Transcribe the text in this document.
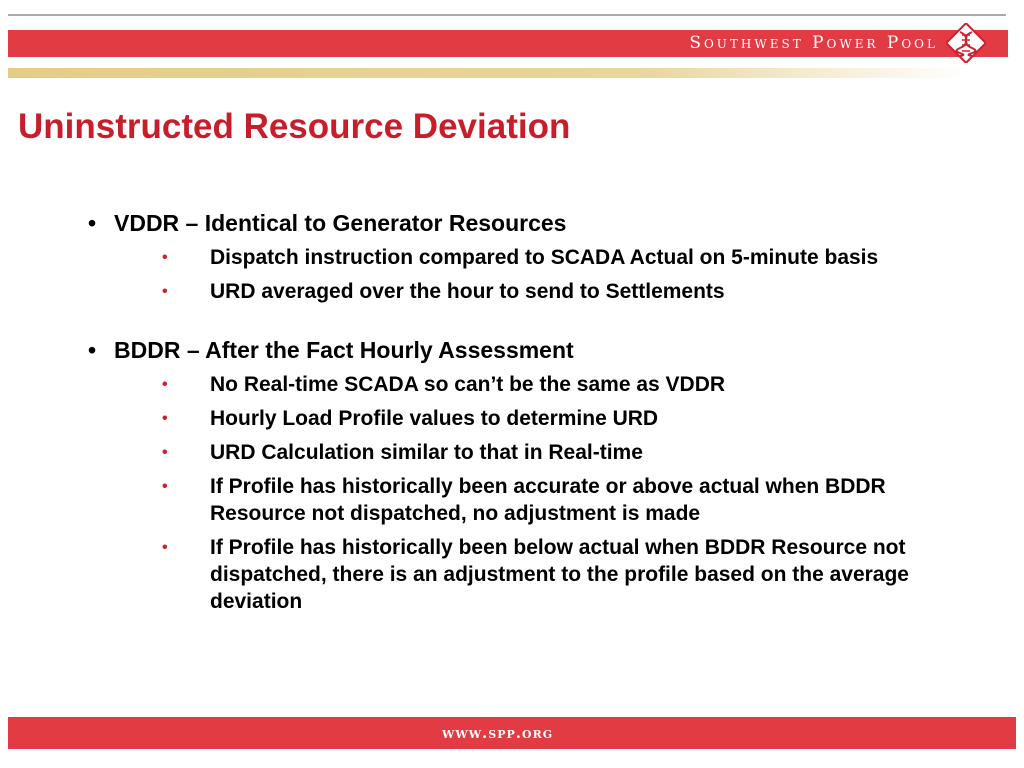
Southwest Power Pool
Uninstructed Resource Deviation
• VDDR – Identical to Generator Resources
• Dispatch instruction compared to SCADA Actual on 5-minute basis
• URD averaged over the hour to send to Settlements
• BDDR – After the Fact Hourly Assessment
• No Real-time SCADA so can’t be the same as VDDR
• Hourly Load Profile values to determine URD
• URD Calculation similar to that in Real-time
• If Profile has historically been accurate or above actual when BDDR Resource not dispatched, no adjustment is made
• If Profile has historically been below actual when BDDR Resource not dispatched, there is an adjustment to the profile based on the average deviation
www.spp.org
